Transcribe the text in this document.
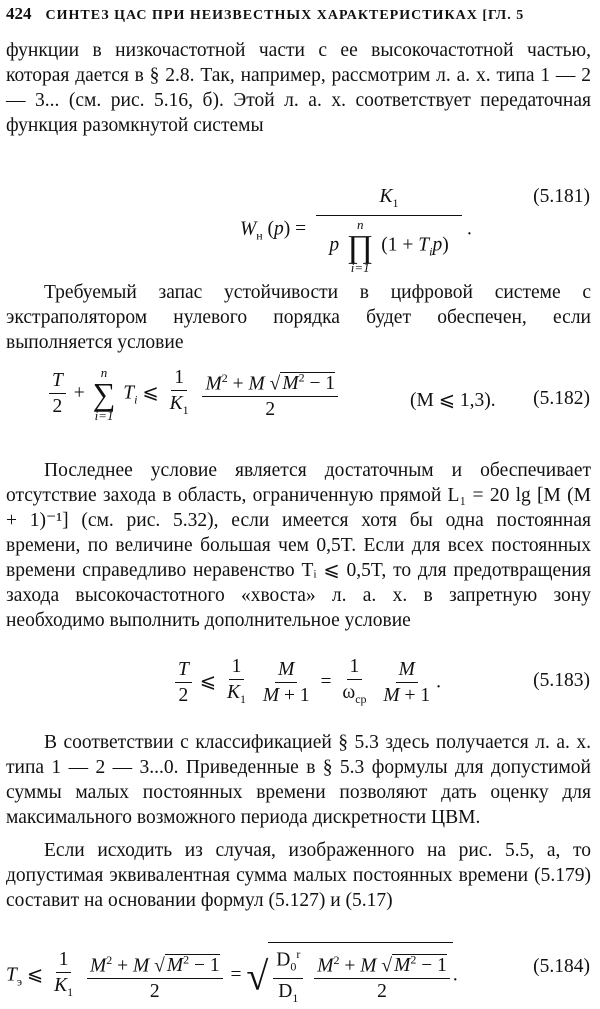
424 СИНТЕЗ ЦАС ПРИ НЕИЗВЕСТНЫХ ХАРАКТЕРИСТИКАХ [ГЛ. 5

функции в низкочастотной части с ее высокочастотной частью, которая дается в § 2.8. Так, например, рассмотрим л. а. х. типа 1 — 2 — 3... (см. рис. 5.16, б). Этой л. а. х. соответствует передаточная функция разомкнутой системы

$W_н$ $(p) = K_1$
p
n
∏
i=1
$(1 + T_ip)$ .
(5.181)

Требуемый запас устойчивости в цифровой системе с экстраполятором нулевого порядка будет обеспечен, если выполняется условие

$\frac{T}{2}$ +
n
∑
i=1
$T_i$ ⩽ $\frac{1}{K_1}$
$\frac{M^2 + M √ M^2 - 1}{2}$	(M ⩽ 1,3). (5.182)

Последнее условие является достаточным и обеспечивает отсутствие захода в область, ограниченную прямой L₁ = 20 lg [M (M + 1)⁻¹] (см. рис. 5.32), если имеется хотя бы одна постоянная времени, по величине большая чем 0,5T. Если для всех постоянных времени справедливо неравенство Tᵢ ⩽ 0,5T, то для предотвращения захода высокочастотного «хвоста» л. а. х. в запретную зону необходимо выполнить дополнительное условие

$\frac{T}{2}$ ⩽ $\frac{1}{K_1}$
$\frac{M}{M + 1} = \frac{1}{\omega_{ср}}$
$\frac{M}{M + 1}$ .	(5.183)

В соответствии с классификацией § 5.3 здесь получается л. а. х. типа 1 — 2 — 3...0. Приведенные в § 5.3 формулы для допустимой суммы малых постоянных времени позволяют дать оценку для максимального возможного периода дискретности ЦВМ.

Если исходить из случая, изображенного на рис. 5.5, а, то допустимая эквивалентная сумма малых постоянных времени (5.179) составит на основании формул (5.127) и (5.17)

$T_э$ ⩽ $\frac{1}{K_1}$
$\frac{M^2 + M √ M^2 - 1}{2}$ = √ $\frac{D_0^r}{D_1}$
$\frac{M^2 + M √ M^2 - 1}{2}$ .	(5.184)
